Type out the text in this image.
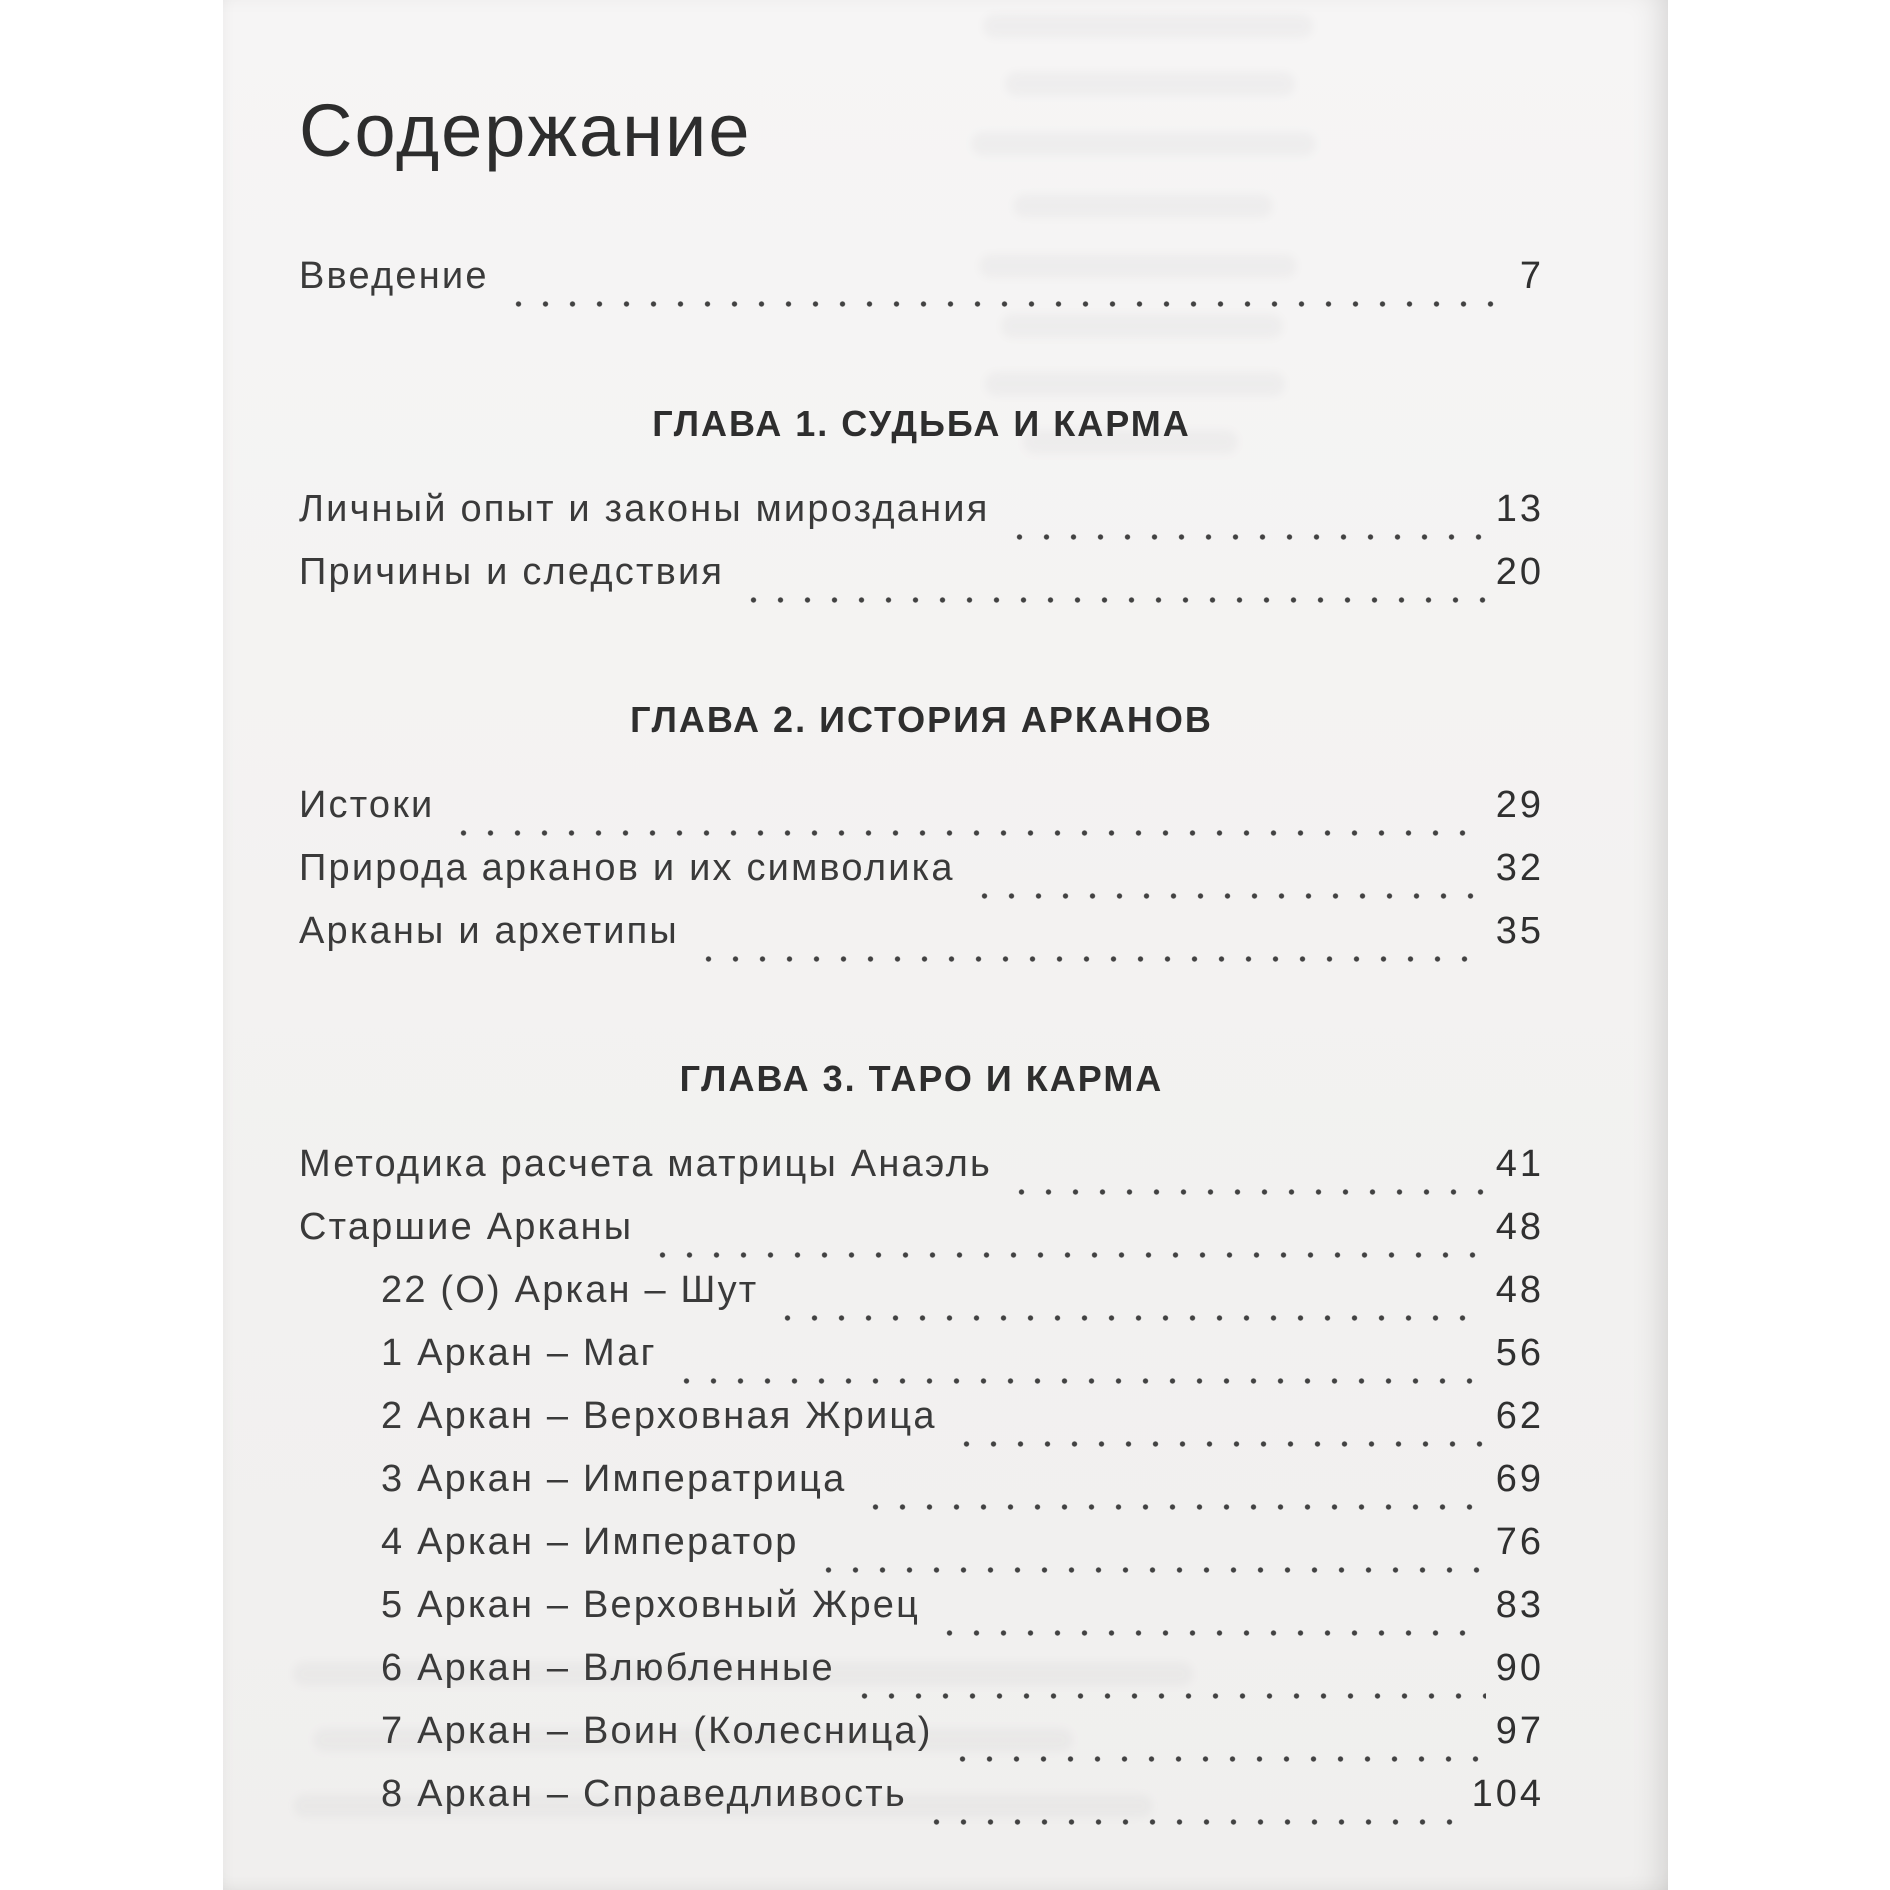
Содержание
Введение	7
ГЛАВА 1. СУДЬБА И КАРМА
Личный опыт и законы мироздания	13
Причины и следствия	20
ГЛАВА 2. ИСТОРИЯ АРКАНОВ
Истоки	29
Природа арканов и их символика	32
Арканы и архетипы	35
ГЛАВА 3. ТАРО И КАРМА
Методика расчета матрицы Анаэль	41
Старшие Арканы	48
22 (О) Аркан – Шут	48
1 Аркан – Маг	56
2 Аркан – Верховная Жрица	62
3 Аркан – Императрица	69
4 Аркан – Император	76
5 Аркан – Верховный Жрец	83
6 Аркан – Влюбленные	90
7 Аркан – Воин (Колесница)	97
8 Аркан – Справедливость	104
